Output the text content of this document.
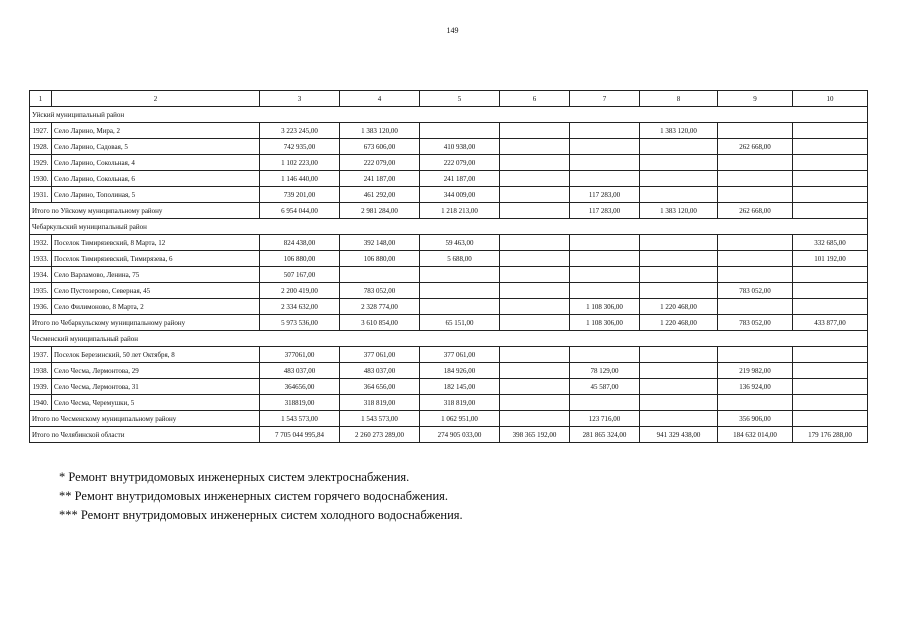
149
1	2	3	4	5	6	7	8	9	10
Уйский муниципальный район									
1927.	Село Ларино, Мира, 2	3 223 245,00	1 383 120,00				1 383 120,00		
1928.	Село Ларино, Садовая, 5	742 935,00	673 606,00	410 938,00				262 668,00	
1929.	Село Ларино, Сокольная, 4	1 102 223,00	222 079,00	222 079,00					
1930.	Село Ларино, Сокольная, 6	1 146 440,00	241 187,00	241 187,00					
1931.	Село Ларино, Тополиная, 5	739 201,00	461 292,00	344 009,00		117 283,00			
Итого по Уйскому муниципальному району		6 954 044,00	2 981 284,00	1 218 213,00		117 283,00	1 383 120,00	262 668,00	
Чебаркульский муниципальный район									
1932.	Поселок Тимирязевский, 8 Марта, 12	824 438,00	392 148,00	59 463,00					332 685,00
1933.	Поселок Тимирязевский, Тимирязева, 6	106 880,00	106 880,00	5 688,00					101 192,00
1934.	Село Варламово, Ленина, 75	507 167,00							
1935.	Село Пустозерово, Северная, 45	2 200 419,00	783 052,00					783 052,00	
1936.	Село Филимоново, 8 Марта, 2	2 334 632,00	2 328 774,00			1 108 306,00	1 220 468,00		
Итого по Чебаркульскому муниципальному району		5 973 536,00	3 610 854,00	65 151,00		1 108 306,00	1 220 468,00	783 052,00	433 877,00
Чесменский муниципальный район									
1937.	Поселок Березинский, 50 лет Октября, 8	377061,00	377 061,00	377 061,00					
1938.	Село Чесма, Лермонтова, 29	483 037,00	483 037,00	184 926,00		78 129,00		219 982,00	
1939.	Село Чесма, Лермонтова, 31	364656,00	364 656,00	182 145,00		45 587,00		136 924,00	
1940.	Село Чесма, Черемушки, 5	318819,00	318 819,00	318 819,00					
Итого по Чесменскому муниципальному району		1 543 573,00	1 543 573,00	1 062 951,00		123 716,00		356 906,00	
Итого по Челябинской области		7 705 044 995,84	2 260 273 289,00	274 905 033,00	398 365 192,00	281 865 324,00	941 329 438,00	184 632 014,00	179 176 288,00
* Ремонт внутридомовых инженерных систем электроснабжения.
** Ремонт внутридомовых инженерных систем горячего водоснабжения.
*** Ремонт внутридомовых инженерных систем холодного водоснабжения.
